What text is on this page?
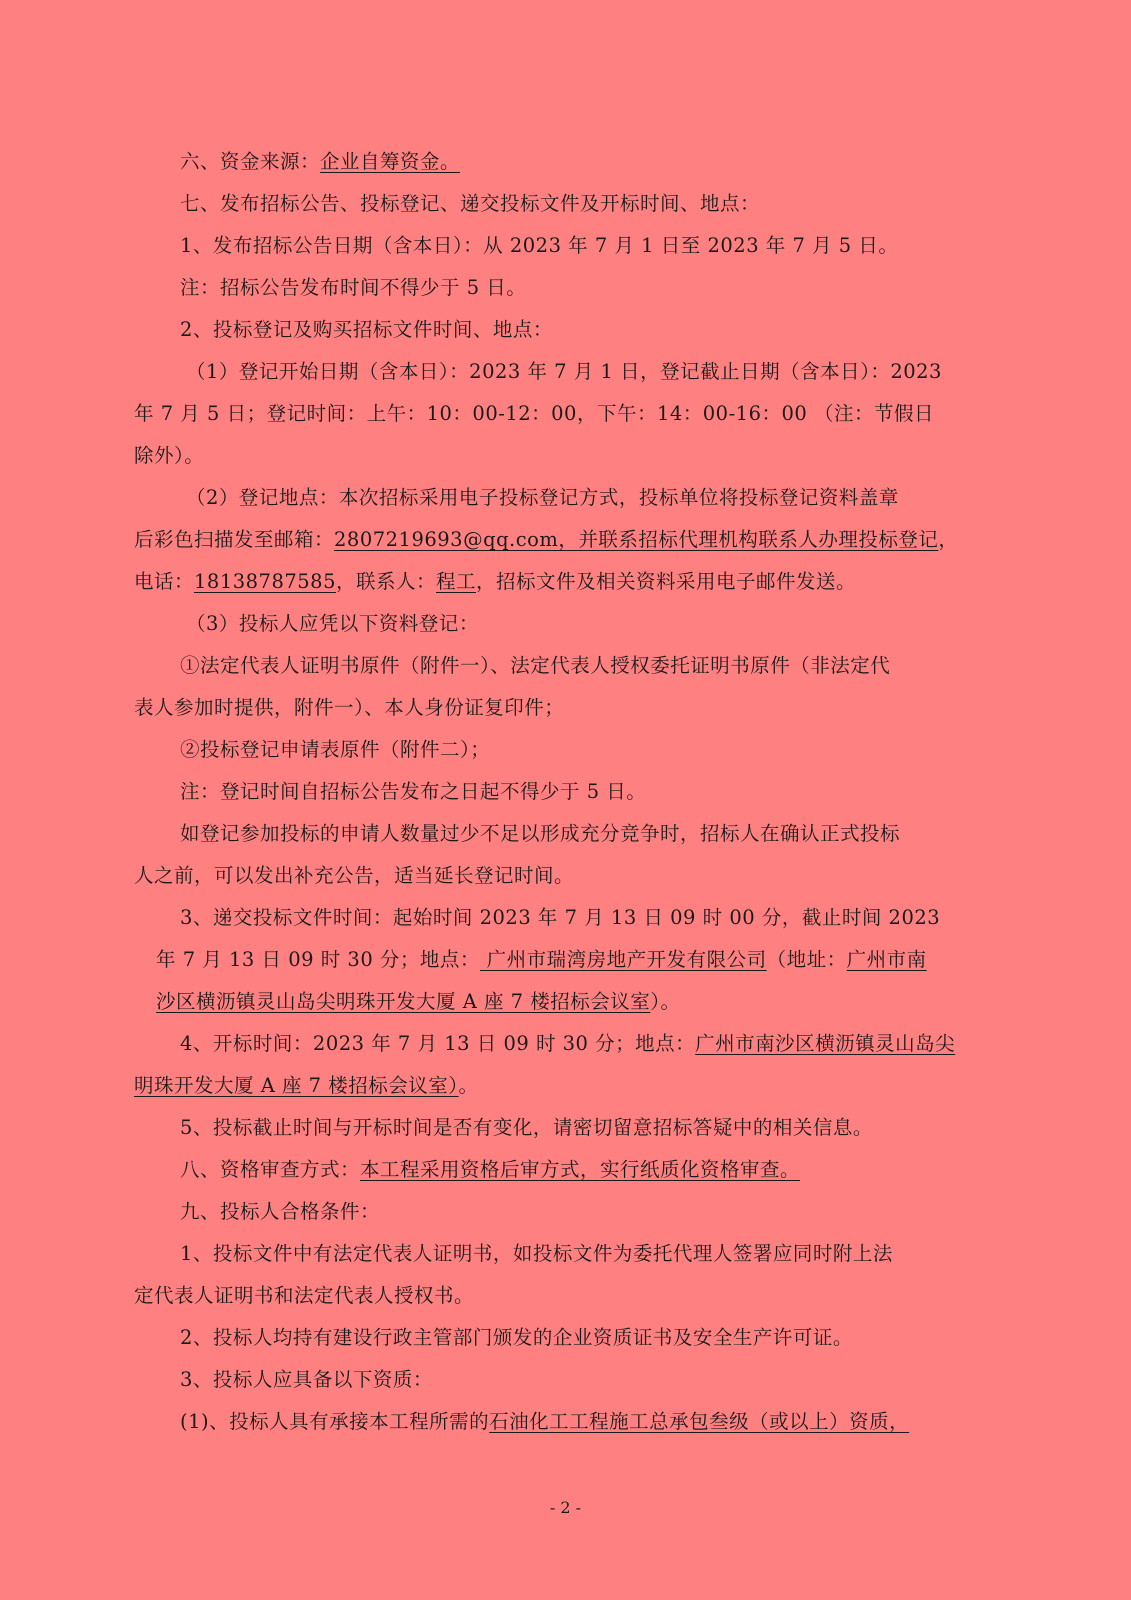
六、资金来源：企业自筹资金。
七、发布招标公告、投标登记、递交投标文件及开标时间、地点：
1、发布招标公告日期（含本日）：从 2023 年 7 月 1 日至 2023 年 7 月 5 日。
注：招标公告发布时间不得少于 5 日。
2、投标登记及购买招标文件时间、地点：
（1）登记开始日期（含本日）：2023 年 7 月 1 日，登记截止日期（含本日）：2023
年 7 月 5 日；登记时间：上午：10：00-12：00，下午：14：00-16：00 （注：节假日
除外）。
（2）登记地点：本次招标采用电子投标登记方式，投标单位将投标登记资料盖章
后彩色扫描发至邮箱：2807219693@qq.com，并联系招标代理机构联系人办理投标登记，
电话：18138787585，联系人：程工，招标文件及相关资料采用电子邮件发送。
（3）投标人应凭以下资料登记：
①法定代表人证明书原件（附件一）、法定代表人授权委托证明书原件（非法定代
表人参加时提供，附件一）、本人身份证复印件；
②投标登记申请表原件（附件二）；
注：登记时间自招标公告发布之日起不得少于 5 日。
如登记参加投标的申请人数量过少不足以形成充分竞争时，招标人在确认正式投标
人之前，可以发出补充公告，适当延长登记时间。
3、递交投标文件时间：起始时间 2023 年 7 月 13 日 09 时 00 分，截止时间 2023
年 7 月 13 日 09 时 30 分；地点： 广州市瑞湾房地产开发有限公司（地址：广州市南
沙区横沥镇灵山岛尖明珠开发大厦 A 座 7 楼招标会议室）。
4、开标时间：2023 年 7 月 13 日 09 时 30 分；地点：广州市南沙区横沥镇灵山岛尖
明珠开发大厦 A 座 7 楼招标会议室）。
5、投标截止时间与开标时间是否有变化，请密切留意招标答疑中的相关信息。
八、资格审查方式：本工程采用资格后审方式，实行纸质化资格审查。
九、投标人合格条件：
1、投标文件中有法定代表人证明书，如投标文件为委托代理人签署应同时附上法
定代表人证明书和法定代表人授权书。
2、投标人均持有建设行政主管部门颁发的企业资质证书及安全生产许可证。
3、投标人应具备以下资质：
(1)、投标人具有承接本工程所需的石油化工工程施工总承包叁级（或以上）资质，
- 2 -
